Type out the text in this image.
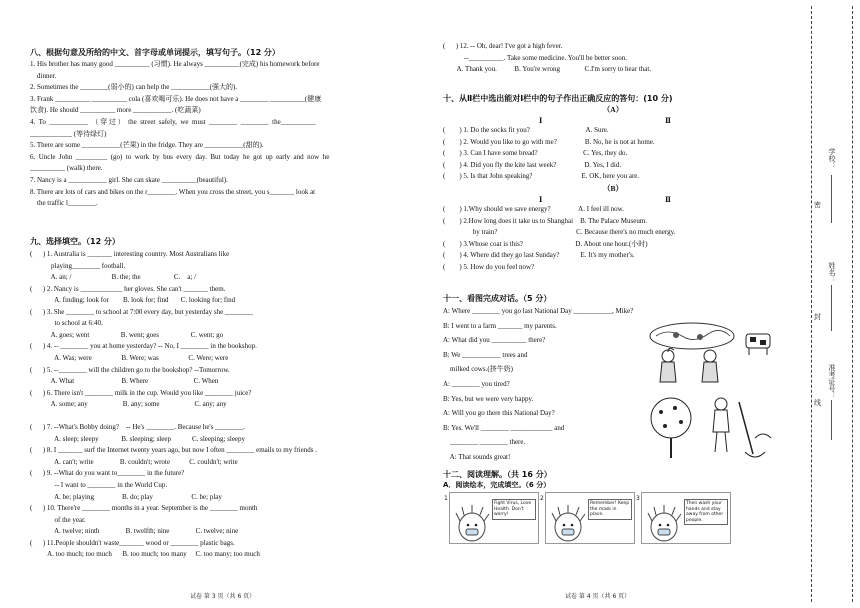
八、根据句意及所给的中文、首字母或单词提示，填写句子。（12 分）
1. His brother has many good __________ (习惯). He always __________(完成) his homework before
dinner.
2. Sometimes the ________(弱小的) can help the ___________(强大的).
3. Frank __________ __________ cola (喜欢喝可乐). He does not have a ________ __________(健康
饮食). He should __________ more ___________. (吃蔬菜)
4.  To  ___________  （ 穿 过 ）  the  street  safely,  we  must  ________  ________  the__________
____________ (等待绿灯)
5. There are some ___________(芒果) in the fridge. They are ___________(甜的).
6.  Uncle  John  _________  (go)  to  work  by  bus  every  day.  But  today  he  got  up  early  and  now  he
__________ (walk) there.
7. Nancy is a ___________ girl. She can skate __________(beautiful).
8. There are lots of cars and bikes on the r________. When you cross the street, you s_______ look at
the traffic l________.
九、选择填空。（12 分）
(      ) 1. Australia is _______ interesting country. Most Australians like
playing________ football.
A. an; /                       B. the; the                   C.    a; /
(      ) 2. Nancy is ____________ her gloves. She can't _______ them.
A. finding; look for        B. look for; find       C. looking for; find
(      ) 3. She ________ to school at 7:00 every day, but yesterday she ________
to school at 6:40.
A. goes; went                  B. went; goes                  C. went; go
(      ) 4. -- ________ you at home yesterday? -- No, I ________ in the bookshop.
A. Was; were                 B. Were; was                 C. Were; were
(      ) 5. --________ will the children go to the bookshop? --Tomorrow.
A. What                           B. Where                          C. When
(      ) 6. There isn't ________ milk in the cup. Would you like ________ juice?
A. some; any                    B. any; some                    C. any; any
(      ) 7. --What's Bobby doing?    -- He's ________. Because he's ________.
A. sleep; sleepy             B. sleeping; sleep            C. sleeping; sleepy
(      ) 8. I _______ surf the Internet twenty years ago, but now I often ________ emails to my friends .
A. can't; write               B. couldn't; wrote           C. couldn't; write
(      ) 9. --What do you want to________ in the future?
-- I want to ________ in the World Cup.
A. be; playing                B. do; play                      C. be; play
(      ) 10. There're ________ months in a year. September is the ________ month
of the year.
A. twelve; ninth               B. twelfth; nine               C. twelve; nine
(      ) 11.People shouldn't waste_______ wood or ________ plastic bags.
A. too much; too much      B. too much; too many     C. too many; too much
试卷 第 3 页（共 6 页）
(      ) 12. -- Oh, dear! I've got a high fever.
--__________. Take some medicine. You'll be better soon.
A. Thank you.          B. You're wrong              C.I'm sorry to hear that.
十、从Ⅱ栏中选出能对Ⅰ栏中的句子作出正确反应的答句：(10 分)
（A）
Ⅰ	Ⅱ
(        ) 1. Do the socks fit you?                                A. Sure.
(        ) 2. Would you like to go with me?                B. No, he is not at home.
(        ) 3. Can I have some bread?                          C. Yes, they do.
(        ) 4. Did you fly the kite last week?                D. Yes, I did.
(        ) 5. Is that John speaking?                            E. OK, here you are.
（B）
Ⅰ	Ⅱ
(        ) 1.Why should we save energy?                A. I feel ill now.
(        ) 2.How long does it take us to Shanghai    B. The Palace Museum.
by train?                                             C. Because there's no much energy.
(        ) 3.Whose coat is this?                              D. About one hour.(小时)
(        ) 4. Where did they go last Sunday?            E. It's my mother's.
(        ) 5. How do you feel now?
十一、看图完成对话。（5 分）
A: Where ________ you go last National Day ___________, Mike?
B: I went to a farm _______ my parents.
A: What did you __________ there?
B: We ___________ trees and
milked cows.(挤牛奶)
A: ________ you tired?
B: Yes, but we were very happy.
A: Will you go there this National Day?
B: Yes. We'll ________ ____________ and
________ ________ there.
A: That sounds great!
十二、阅读理解。（共 16 分）
A．阅读绘本，完成填空。（6 分）
1
Fight Virus, Love Health. Don't worry!
2
Remember! Keep the mask in place.
3
Then wash your hands and stay away from other people.
试卷 第 4 页（共 6 页）
学校：
密
姓名：
封
准考证号：
线
